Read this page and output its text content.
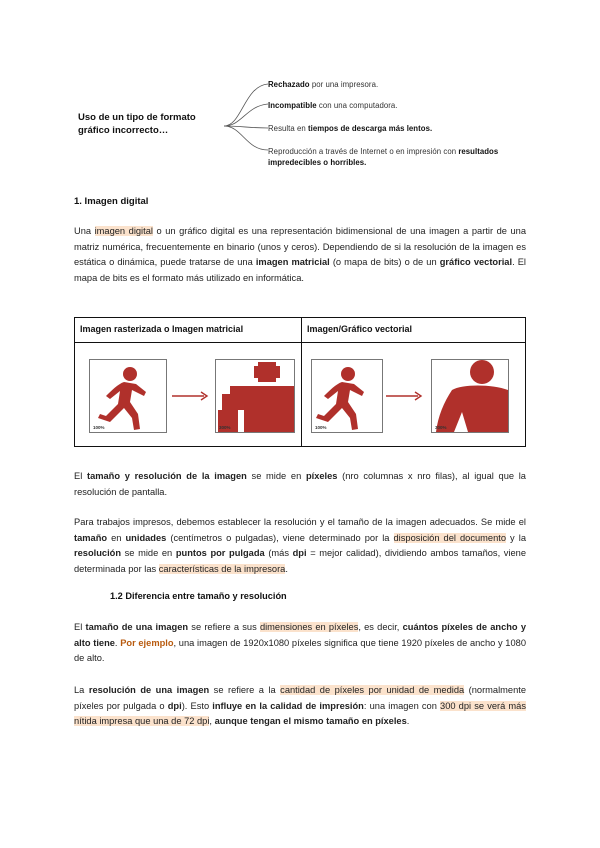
Uso de un tipo de formato gráfico incorrecto…
Rechazado por una impresora.
Incompatible con una computadora.
Resulta en tiempos de descarga más lentos.
Reproducción a través de Internet o en impresión con resultados impredecibles o horribles.
1. Imagen digital
Una imagen digital o un gráfico digital es una representación bidimensional de una imagen a partir de una matriz numérica, frecuentemente en binario (unos y ceros). Dependiendo de si la resolución de la imagen es estática o dinámica, puede tratarse de una imagen matricial (o mapa de bits) o de un gráfico vectorial. El mapa de bits es el formato más utilizado en informática.
Imagen rasterizada o Imagen matricial	Imagen/Gráfico vectorial
100%	300%	100%	300%
El tamaño y resolución de la imagen se mide en píxeles (nro columnas x nro filas), al igual que la resolución de pantalla.
Para trabajos impresos, debemos establecer la resolución y el tamaño de la imagen adecuados. Se mide el tamaño en unidades (centímetros o pulgadas), viene determinado por la disposición del documento y la resolución se mide en puntos por pulgada (más dpi = mejor calidad), dividiendo ambos tamaños, viene determinada por las características de la impresora.
1.2 Diferencia entre tamaño y resolución
El tamaño de una imagen se refiere a sus dimensiones en píxeles, es decir, cuántos píxeles de ancho y alto tiene. Por ejemplo, una imagen de 1920x1080 píxeles significa que tiene 1920 píxeles de ancho y 1080 de alto.
La resolución de una imagen se refiere a la cantidad de píxeles por unidad de medida (normalmente píxeles por pulgada o dpi). Esto influye en la calidad de impresión: una imagen con 300 dpi se verá más nítida impresa que una de 72 dpi, aunque tengan el mismo tamaño en píxeles.
